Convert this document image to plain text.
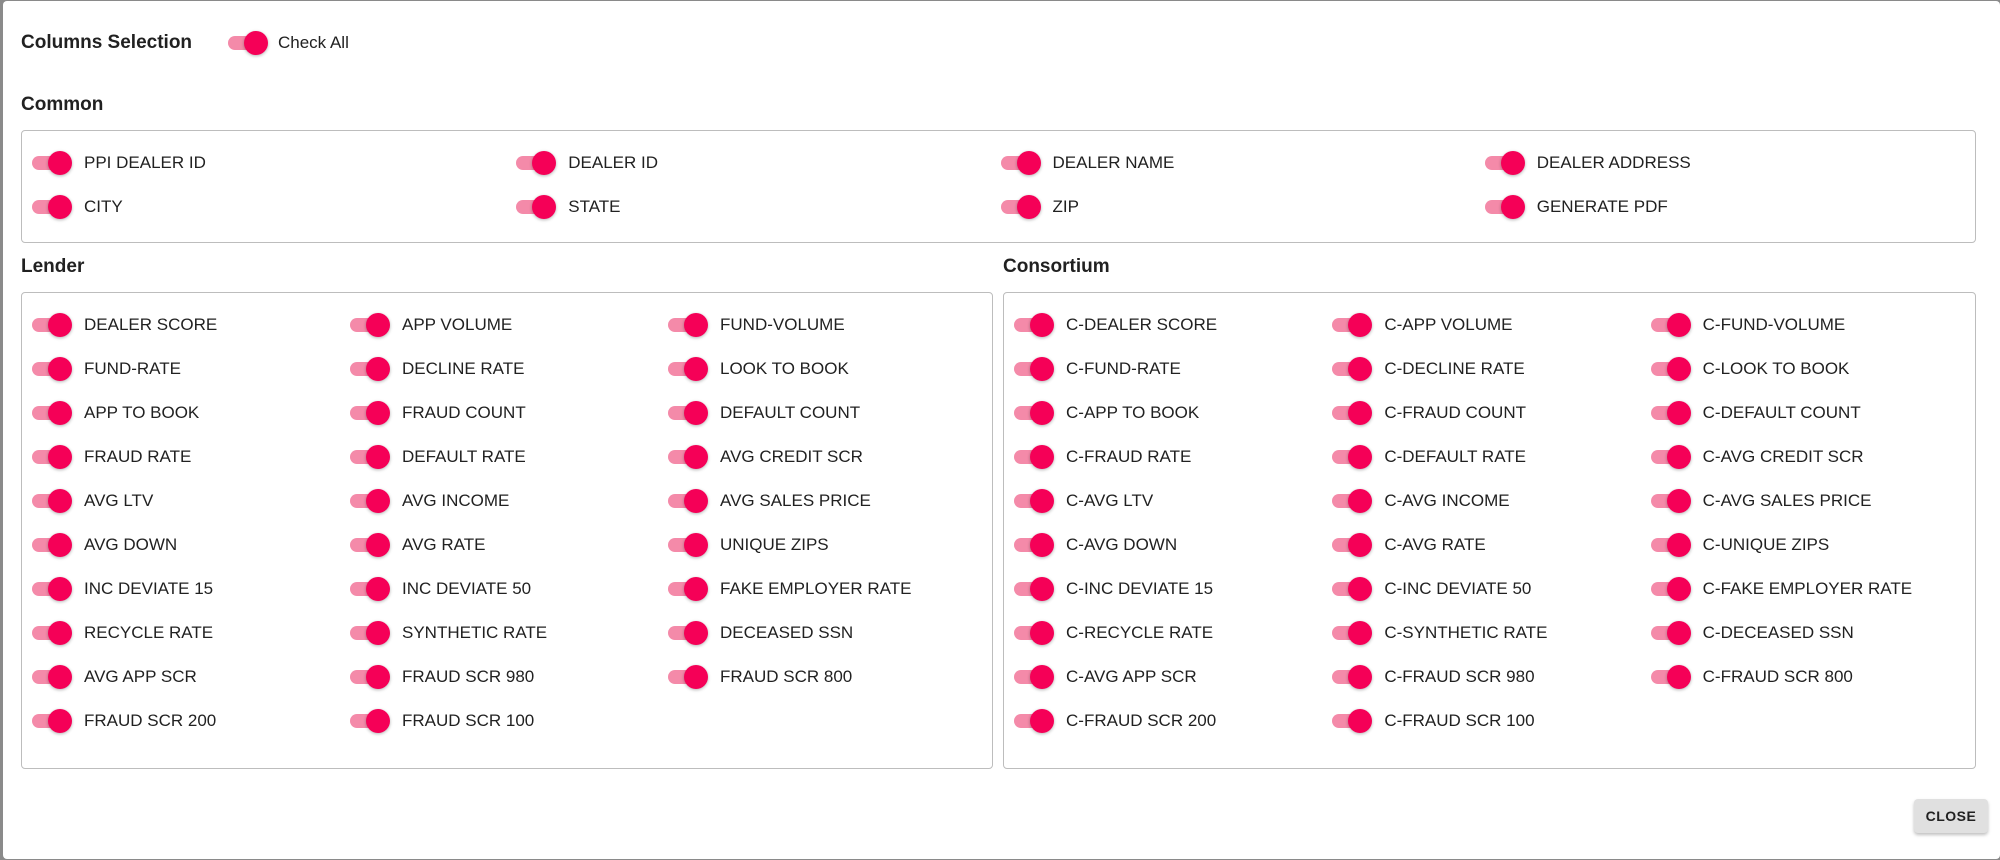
Columns Selection	Check All
Common
PPI DEALER ID	DEALER ID	DEALER NAME	DEALER ADDRESS
CITY	STATE	ZIP	GENERATE PDF
Lender
DEALER SCORE	APP VOLUME	FUND-VOLUME
FUND-RATE	DECLINE RATE	LOOK TO BOOK
APP TO BOOK	FRAUD COUNT	DEFAULT COUNT
FRAUD RATE	DEFAULT RATE	AVG CREDIT SCR
AVG LTV	AVG INCOME	AVG SALES PRICE
AVG DOWN	AVG RATE	UNIQUE ZIPS
INC DEVIATE 15	INC DEVIATE 50	FAKE EMPLOYER RATE
RECYCLE RATE	SYNTHETIC RATE	DECEASED SSN
AVG APP SCR	FRAUD SCR 980	FRAUD SCR 800
FRAUD SCR 200	FRAUD SCR 100
Consortium
C-DEALER SCORE	C-APP VOLUME	C-FUND-VOLUME
C-FUND-RATE	C-DECLINE RATE	C-LOOK TO BOOK
C-APP TO BOOK	C-FRAUD COUNT	C-DEFAULT COUNT
C-FRAUD RATE	C-DEFAULT RATE	C-AVG CREDIT SCR
C-AVG LTV	C-AVG INCOME	C-AVG SALES PRICE
C-AVG DOWN	C-AVG RATE	C-UNIQUE ZIPS
C-INC DEVIATE 15	C-INC DEVIATE 50	C-FAKE EMPLOYER RATE
C-RECYCLE RATE	C-SYNTHETIC RATE	C-DECEASED SSN
C-AVG APP SCR	C-FRAUD SCR 980	C-FRAUD SCR 800
C-FRAUD SCR 200	C-FRAUD SCR 100
CLOSE
